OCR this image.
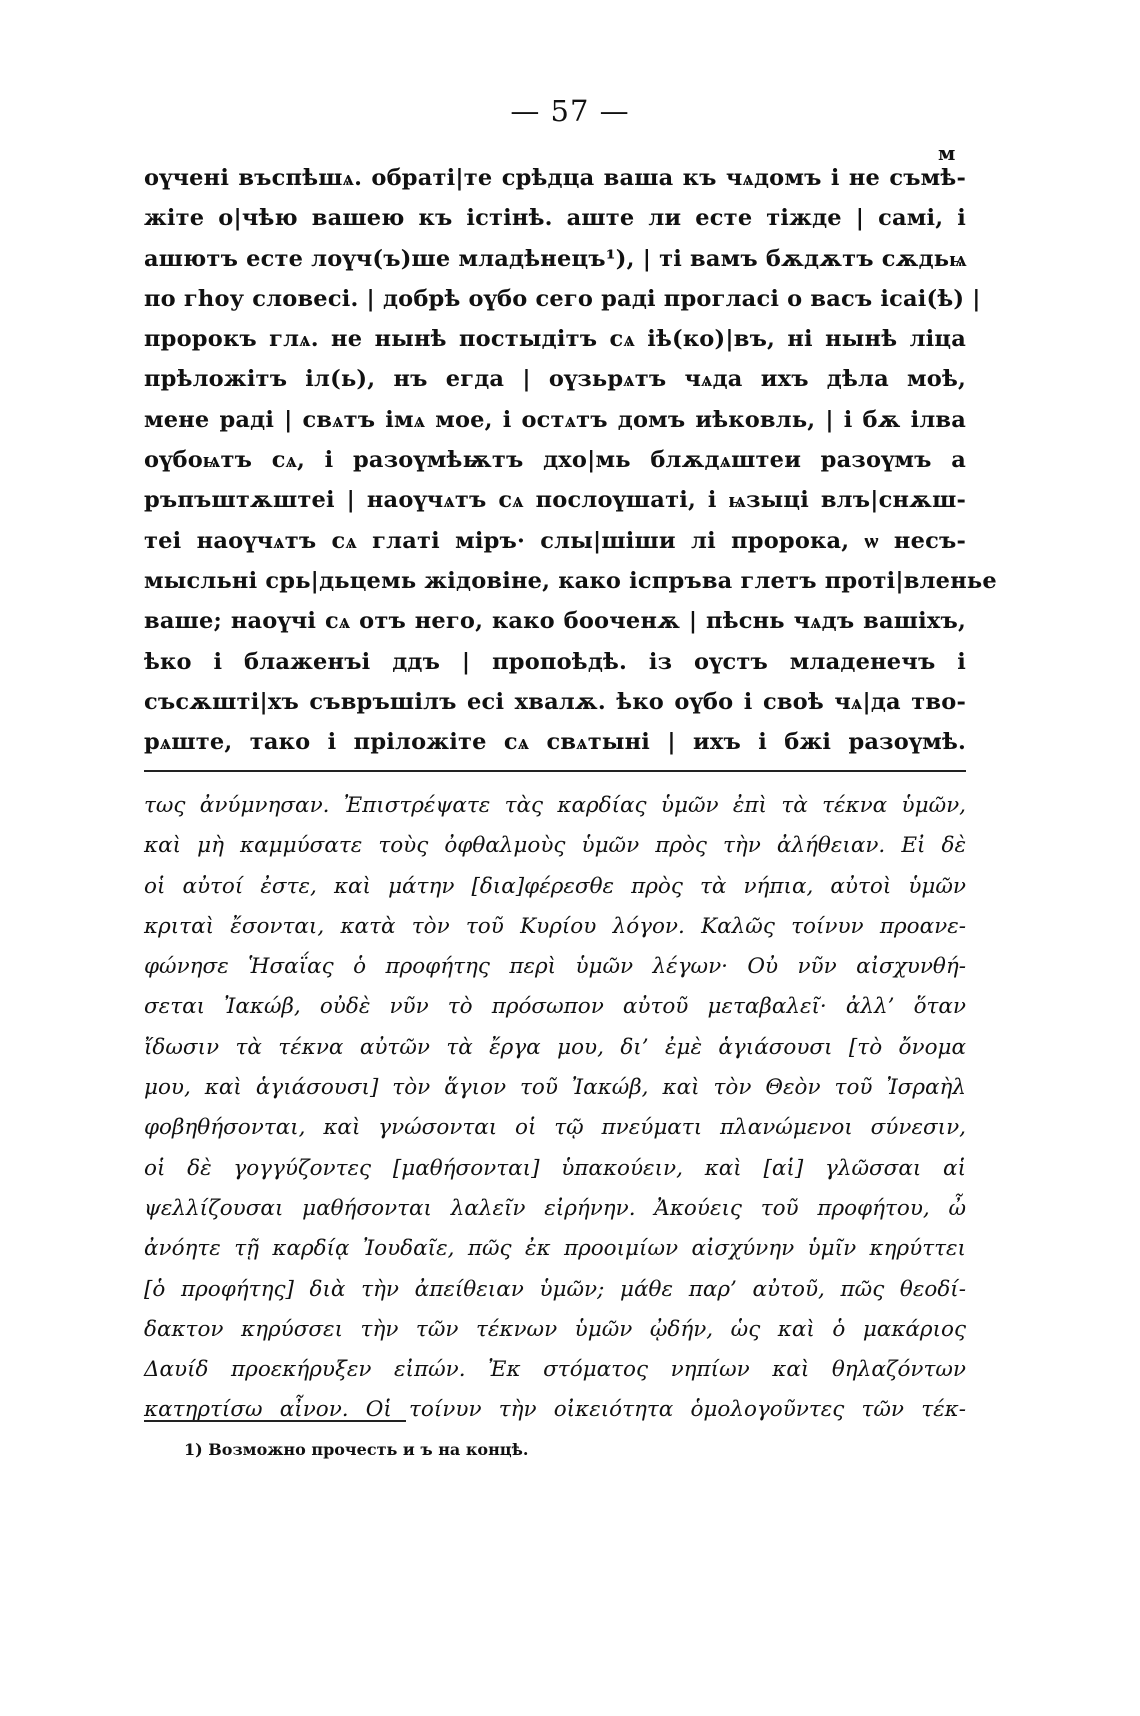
— 57 —
м
оүчені въспѣшѧ. обраті|те срѣдца ваша къ чѧдомъ і не съмѣ-
жіте о|чѣю вашею къ істінѣ. аште ли есте тіжде | самі, і
ашютъ есте лоүч(ъ)ше младѣнецъ¹), | ті вамъ бѫдѫтъ сѫдьѩ
по гһоу словесі. | добрѣ оүбо сего раді проглаcі о васъ ісаі(ѣ) |
пророкъ глѧ. не нынѣ постыдітъ сѧ іѣ(ко)|въ, ні нынѣ ліца
прѣложітъ іл(ь), нъ егда | оүзьрѧтъ чѧда ихъ дѣла моѣ,
мене раді | свѧтъ імѧ мое, і остѧтъ домъ иѣковль, | і бѫ ілва
оүбоѩтъ сѧ, і разоүмѣѭтъ дхо|мь блѫдѧштеи разоүмъ а
ръпъштѫштеі | наоүчѧтъ сѧ послоүшаті, і ѩзыці влъ|снѫш-
теі наоүчѧтъ сѧ глаті міръ· слы|шіши лі пророка, ѡ несъ-
мысльні срь|дьцемь жідовіне, како іспръва глетъ проті|вленье
ваше; наоүчі сѧ отъ него, како бооченѫ | пѣснь чѧдъ вашіхъ,
ѣко і блаженъі ддъ | пропоѣдѣ. із оүстъ младенечъ і
съсѫшті|хъ съвръшілъ есі хвалѫ. ѣко оүбо і своѣ чѧ|да тво-
рѧште, тако і пріложіте сѧ свѧтыні | ихъ і бжі разоүмѣ.
τως ἀνύμνησαν. Ἐπιστρέψατε τὰς καρδίας ὑμῶν ἐπὶ τὰ τέκνα ὑμῶν,
καὶ μὴ καμμύσατε τοὺς ὀφθαλμοὺς ὑμῶν πρὸς τὴν ἀλήθειαν. Εἰ δὲ
οἱ αὐτοί ἐστε, καὶ μάτην [δια]φέρεσθε πρὸς τὰ νήπια, αὐτοὶ ὑμῶν
κριταὶ ἔσονται, κατὰ τὸν τοῦ Κυρίου λόγον. Καλῶς τοίνυν προανε-
φώνησε Ἡσαΐας ὁ προφήτης περὶ ὑμῶν λέγων· Οὐ νῦν αἰσχυνθή-
σεται Ἰακώβ, οὐδὲ νῦν τὸ πρόσωπον αὐτοῦ μεταβαλεῖ· ἀλλ’ ὅταν
ἴδωσιν τὰ τέκνα αὐτῶν τὰ ἔργα μου, δι’ ἐμὲ ἁγιάσουσι [τὸ ὄνομα
μου, καὶ ἁγιάσουσι] τὸν ἅγιον τοῦ Ἰακώβ, καὶ τὸν Θεὸν τοῦ Ἰσραὴλ
φοβηθήσονται, καὶ γνώσονται οἱ τῷ πνεύματι πλανώμενοι σύνεσιν,
οἱ δὲ γογγύζοντες [μαθήσονται] ὑπακούειν, καὶ [αἱ] γλῶσσαι αἱ
ψελλίζουσαι μαθήσονται λαλεῖν εἰρήνην. Ἀκούεις τοῦ προφήτου, ὦ
ἀνόητε τῇ καρδίᾳ Ἰουδαῖε, πῶς ἐκ προοιμίων αἰσχύνην ὑμῖν κηρύττει
[ὁ προφήτης] διὰ τὴν ἀπείθειαν ὑμῶν; μάθε παρ’ αὐτοῦ, πῶς θεοδί-
δακτον κηρύσσει τὴν τῶν τέκνων ὑμῶν ᾠδήν, ὡς καὶ ὁ μακάριος
Δαυίδ προεκήρυξεν εἰπών. Ἐκ στόματος νηπίων καὶ θηλαζόντων
κατηρτίσω αἶνον. Οἱ τοίνυν τὴν οἰκειότητα ὁμολογοῦντες τῶν τέκ-
1) Возможно прочесть и ъ на концѣ.
